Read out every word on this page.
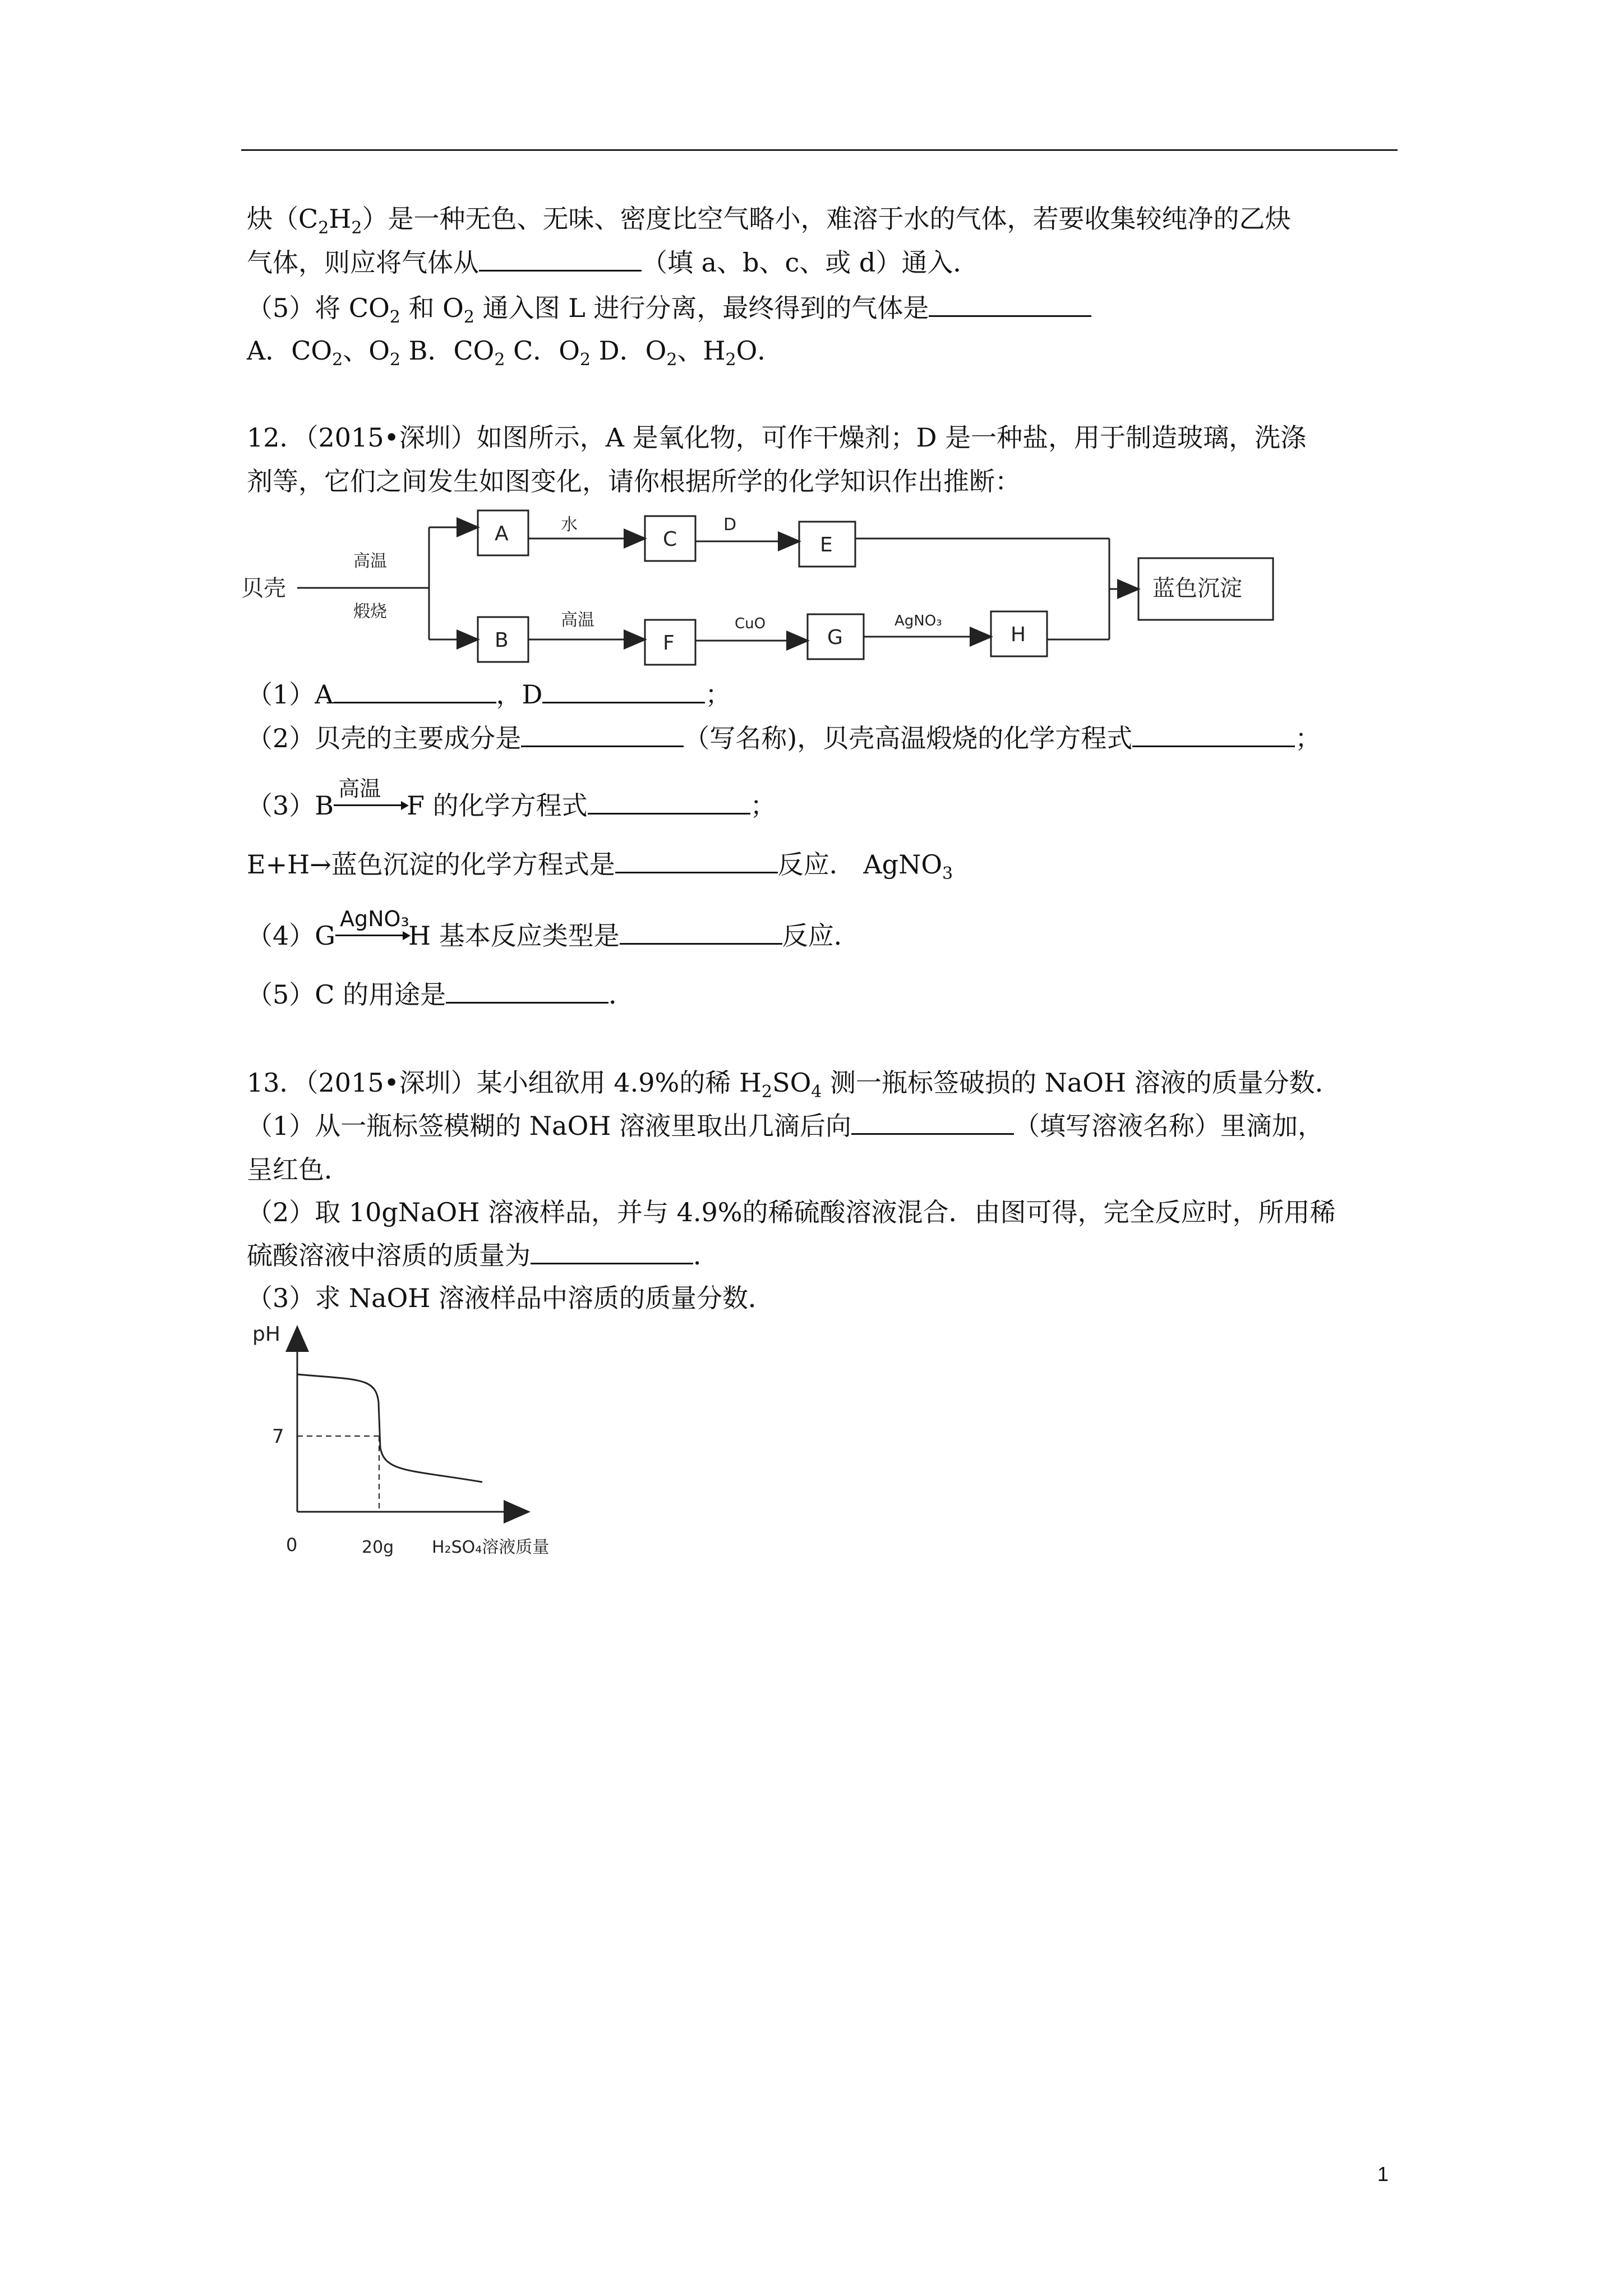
炔$(C_2H_2)$是一种无色、无味、密度比空气略小，难溶于水的气体，若要收集较纯净的乙炔
气体，则应将气体从	（填 a、b、c、或 d）通入．
（5）将 $CO_2$ 和 $O_2$ 通入图 L 进行分离，最终得到的气体是
A．$CO_2$、$O_2$ B．$CO_2$ C．$O_2$ D．$O_2$、$H_2O$．
12．（2015•深圳）如图所示，A 是氧化物，可作干燥剂；D 是一种盐，用于制造玻璃，洗涤
剂等，它们之间发生如图变化，请你根据所学的化学知识作出推断：
贝壳
高温
煅烧
A	C	E
B	F	G	H
蓝色沉淀
水	D
高温	CuO	AgNO₃
（1）A	，D	；
（2）贝壳的主要成分是	（写名称)，贝壳高温煅烧的化学方程式	；
（3）B
高温
F 的化学方程式	；
E+H→蓝色沉淀的化学方程式是	反应． AgNO$_3$
（4）G
AgNO₃
H 基本反应类型是	反应．
（5）C 的用途是	．
13．（2015•深圳）某小组欲用 4.9%的稀 $H_2SO_4$ 测一瓶标签破损的 NaOH 溶液的质量分数．
（1）从一瓶标签模糊的 NaOH 溶液里取出几滴后向	（填写溶液名称）里滴加，
呈红色．
（2）取 10gNaOH 溶液样品，并与 4.9%的稀硫酸溶液混合．由图可得，完全反应时，所用稀
硫酸溶液中溶质的质量为	．
（3）求 NaOH 溶液样品中溶质的质量分数．
pH
7
0	20g H₂SO₄溶液质量
1
